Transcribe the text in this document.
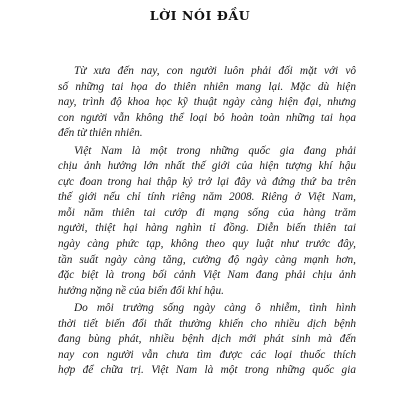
LỜI NÓI ĐẦU

Từ xưa đến nay, con người luôn phải đối mặt với vô
số những tai họa do thiên nhiên mang lại. Mặc dù hiện
nay, trình độ khoa học kỹ thuật ngày càng hiện đại, nhưng
con người vẫn không thể loại bỏ hoàn toàn những tai họa
đến từ thiên nhiên.

Việt Nam là một trong những quốc gia đang phải
chịu ảnh hưởng lớn nhất thế giới của hiện tượng khí hậu
cực đoan trong hai thập kỷ trở lại đây và đứng thứ ba trên
thế giới nếu chỉ tính riêng năm 2008. Riêng ở Việt Nam,
mỗi năm thiên tai cướp đi mạng sống của hàng trăm
người, thiệt hại hàng nghìn tỉ đồng. Diễn biến thiên tai
ngày càng phức tạp, không theo quy luật như trước đây,
tần suất ngày càng tăng, cường độ ngày càng mạnh hơn,
đặc biệt là trong bối cảnh Việt Nam đang phải chịu ảnh
hưởng nặng nề của biến đổi khí hậu.

Do môi trường sống ngày càng ô nhiễm, tình hình
thời tiết biến đổi thất thường khiến cho nhiều dịch bệnh
đang bùng phát, nhiều bệnh dịch mới phát sinh mà đến
nay con người vẫn chưa tìm được các loại thuốc thích
hợp để chữa trị. Việt Nam là một trong những quốc gia
